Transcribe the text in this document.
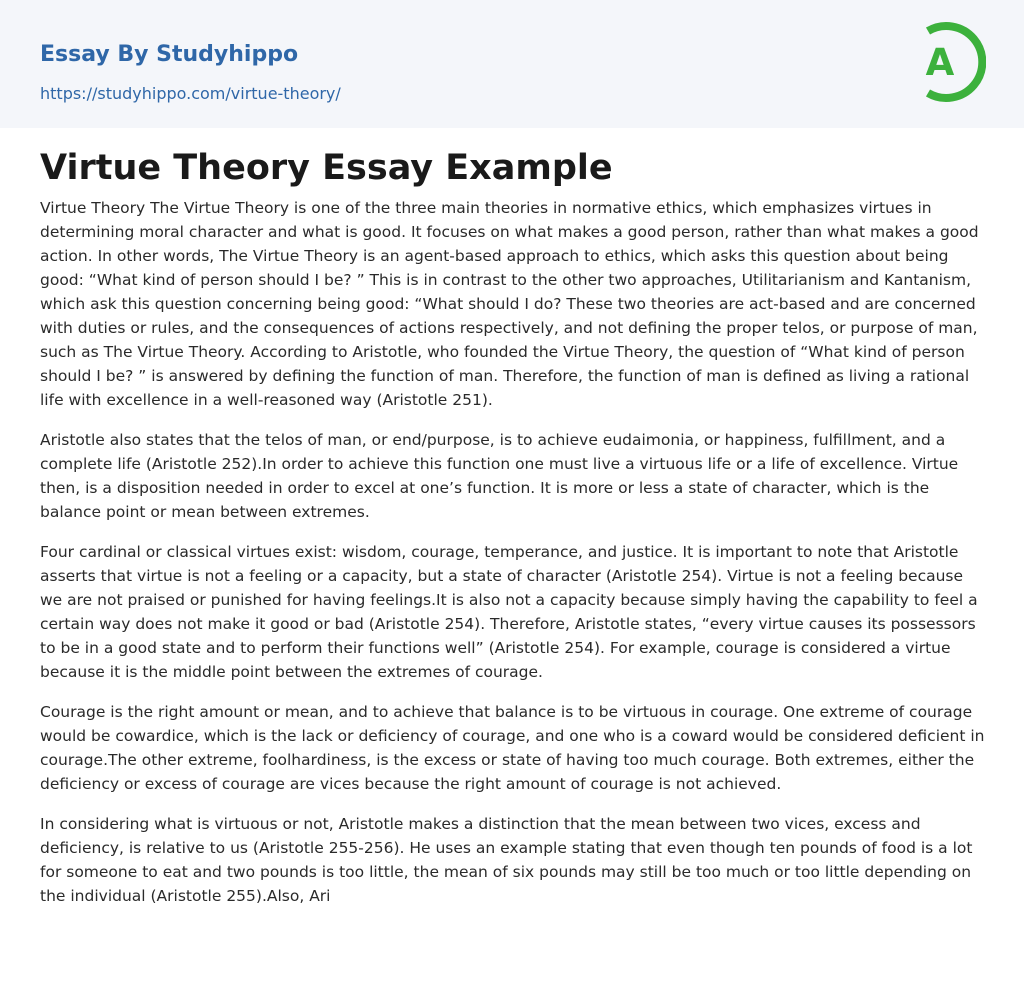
Essay By Studyhippo
https://studyhippo.com/virtue-theory/
A
Virtue Theory Essay Example

Virtue Theory The Virtue Theory is one of the three main theories in normative ethics, which emphasizes virtues in determining moral character and what is good. It focuses on what makes a good person, rather than what makes a good action. In other words, The Virtue Theory is an agent-based approach to ethics, which asks this question about being good: “What kind of person should I be? ” This is in contrast to the other two approaches, Utilitarianism and Kantanism, which ask this question concerning being good: “What should I do? These two theories are act-based and are concerned with duties or rules, and the consequences of actions respectively, and not defining the proper telos, or purpose of man, such as The Virtue Theory. According to Aristotle, who founded the Virtue Theory, the question of “What kind of person should I be? ” is answered by defining the function of man. Therefore, the function of man is defined as living a rational life with excellence in a well-reasoned way (Aristotle 251).

Aristotle also states that the telos of man, or end/purpose, is to achieve eudaimonia, or happiness, fulfillment, and a complete life (Aristotle 252).In order to achieve this function one must live a virtuous life or a life of excellence. Virtue then, is a disposition needed in order to excel at one’s function. It is more or less a state of character, which is the balance point or mean between extremes.

Four cardinal or classical virtues exist: wisdom, courage, temperance, and justice. It is important to note that Aristotle asserts that virtue is not a feeling or a capacity, but a state of character (Aristotle 254). Virtue is not a feeling because we are not praised or punished for having feelings.It is also not a capacity because simply having the capability to feel a certain way does not make it good or bad (Aristotle 254). Therefore, Aristotle states, “every virtue causes its possessors to be in a good state and to perform their functions well” (Aristotle 254). For example, courage is considered a virtue because it is the middle point between the extremes of courage.

Courage is the right amount or mean, and to achieve that balance is to be virtuous in courage. One extreme of courage would be cowardice, which is the lack or deficiency of courage, and one who is a coward would be considered deficient in courage.The other extreme, foolhardiness, is the excess or state of having too much courage. Both extremes, either the deficiency or excess of courage are vices because the right amount of courage is not achieved.

In considering what is virtuous or not, Aristotle makes a distinction that the mean between two vices, excess and deficiency, is relative to us (Aristotle 255-256). He uses an example stating that even though ten pounds of food is a lot for someone to eat and two pounds is too little, the mean of six pounds may still be too much or too little depending on the individual (Aristotle 255).Also, Ari
